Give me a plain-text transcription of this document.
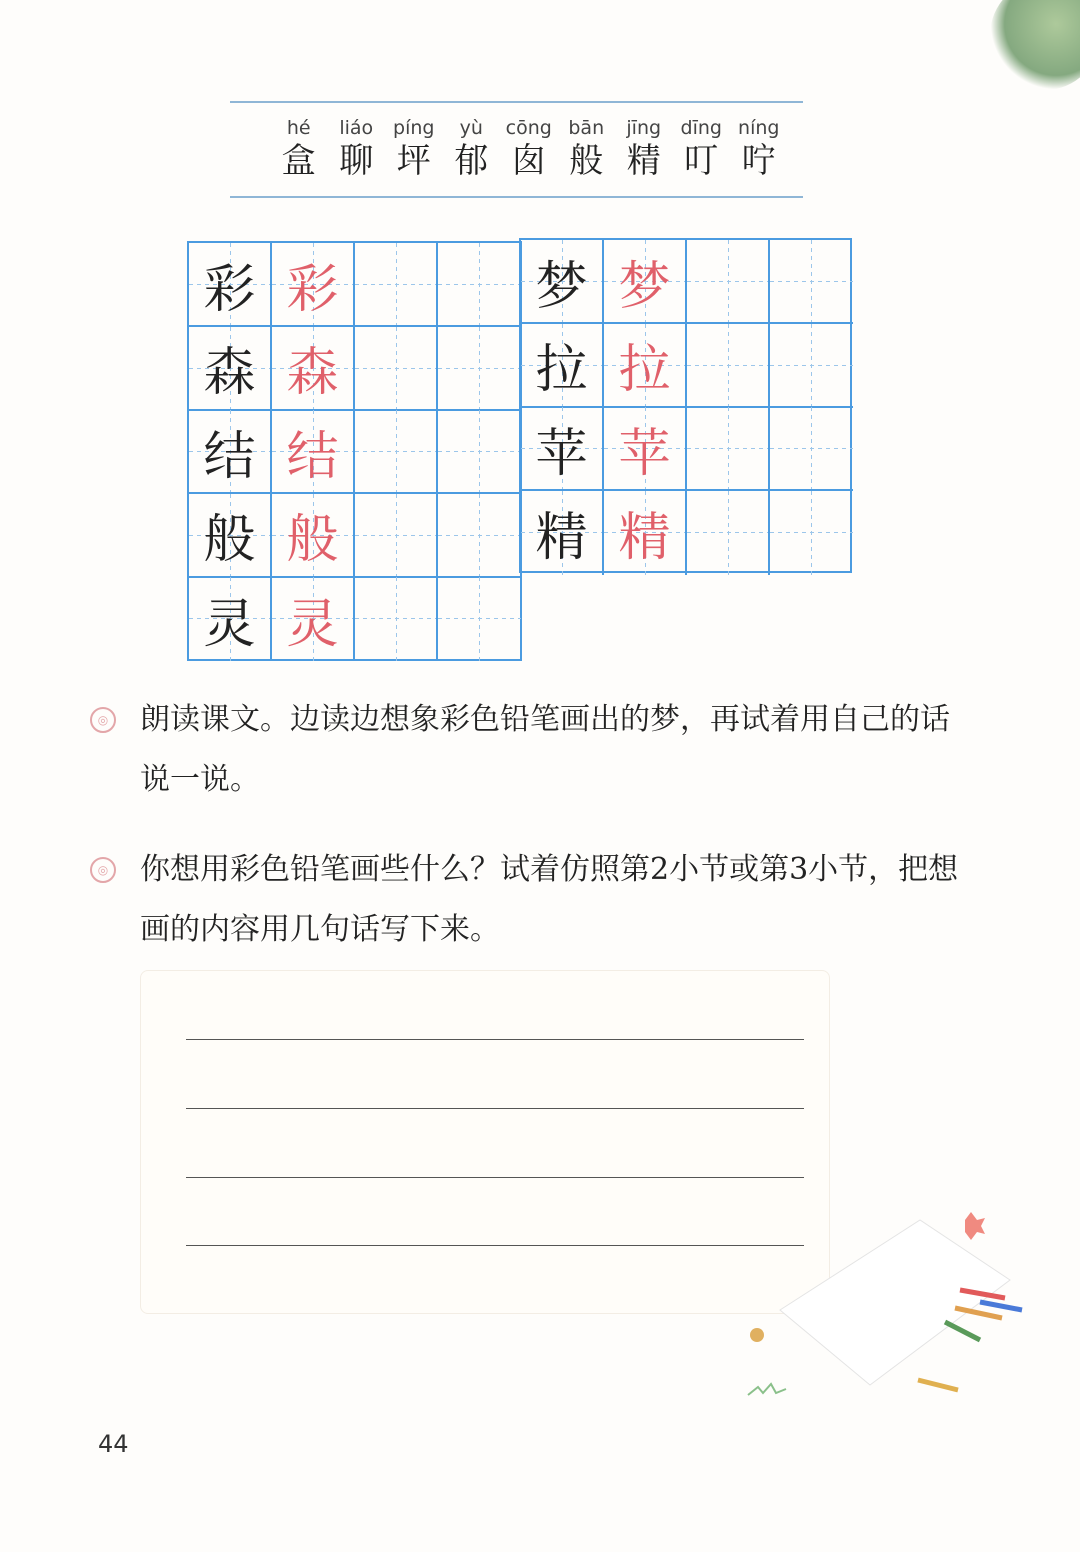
hé
盒
liáo
聊
píng
坪
yù
郁
cōng
囱
bān
般
jīng
精
dīng
叮
níng
咛
彩 彩
森 森
结 结
般 般
灵 灵
梦 梦
拉 拉
苹 苹
精 精
◎ 朗读课文。边读边想象彩色铅笔画出的梦，再试着用自己的话说一说。
◎ 你想用彩色铅笔画些什么？试着仿照第2小节或第3小节，把想画的内容用几句话写下来。
44
